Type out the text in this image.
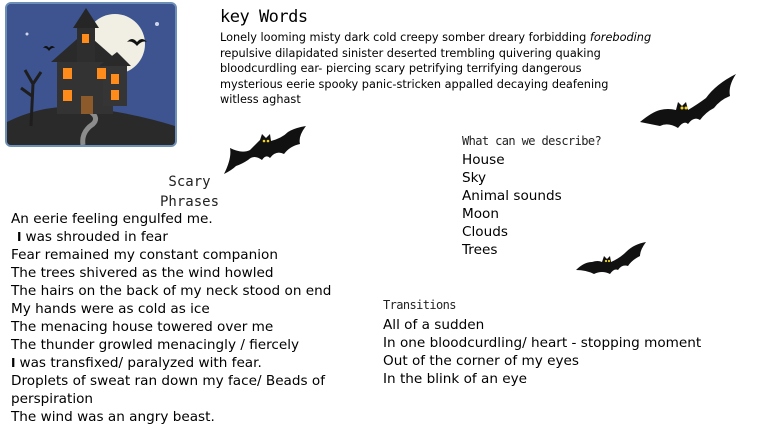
key Words
Lonely looming misty dark cold creepy somber dreary forbidding foreboding
repulsive dilapidated sinister deserted trembling quivering quaking
bloodcurdling ear- piercing scary petrifying terrifying dangerous
mysterious eerie spooky panic-stricken appalled decaying deafening
witless aghast
Scary
Phrases
An eerie feeling engulfed me.
I was shrouded in fear
Fear remained my constant companion
The trees shivered as the wind howled
The hairs on the back of my neck stood on end
My hands were as cold as ice
The menacing house towered over me
The thunder growled menacingly / fiercely
I was transfixed/ paralyzed with fear.
Droplets of sweat ran down my face/ Beads of perspiration
The wind was an angry beast.
What can we describe?
House
Sky
Animal sounds
Moon
Clouds
Trees
Transitions
All of a sudden
In one bloodcurdling/ heart - stopping moment
Out of the corner of my eyes
In the blink of an eye
